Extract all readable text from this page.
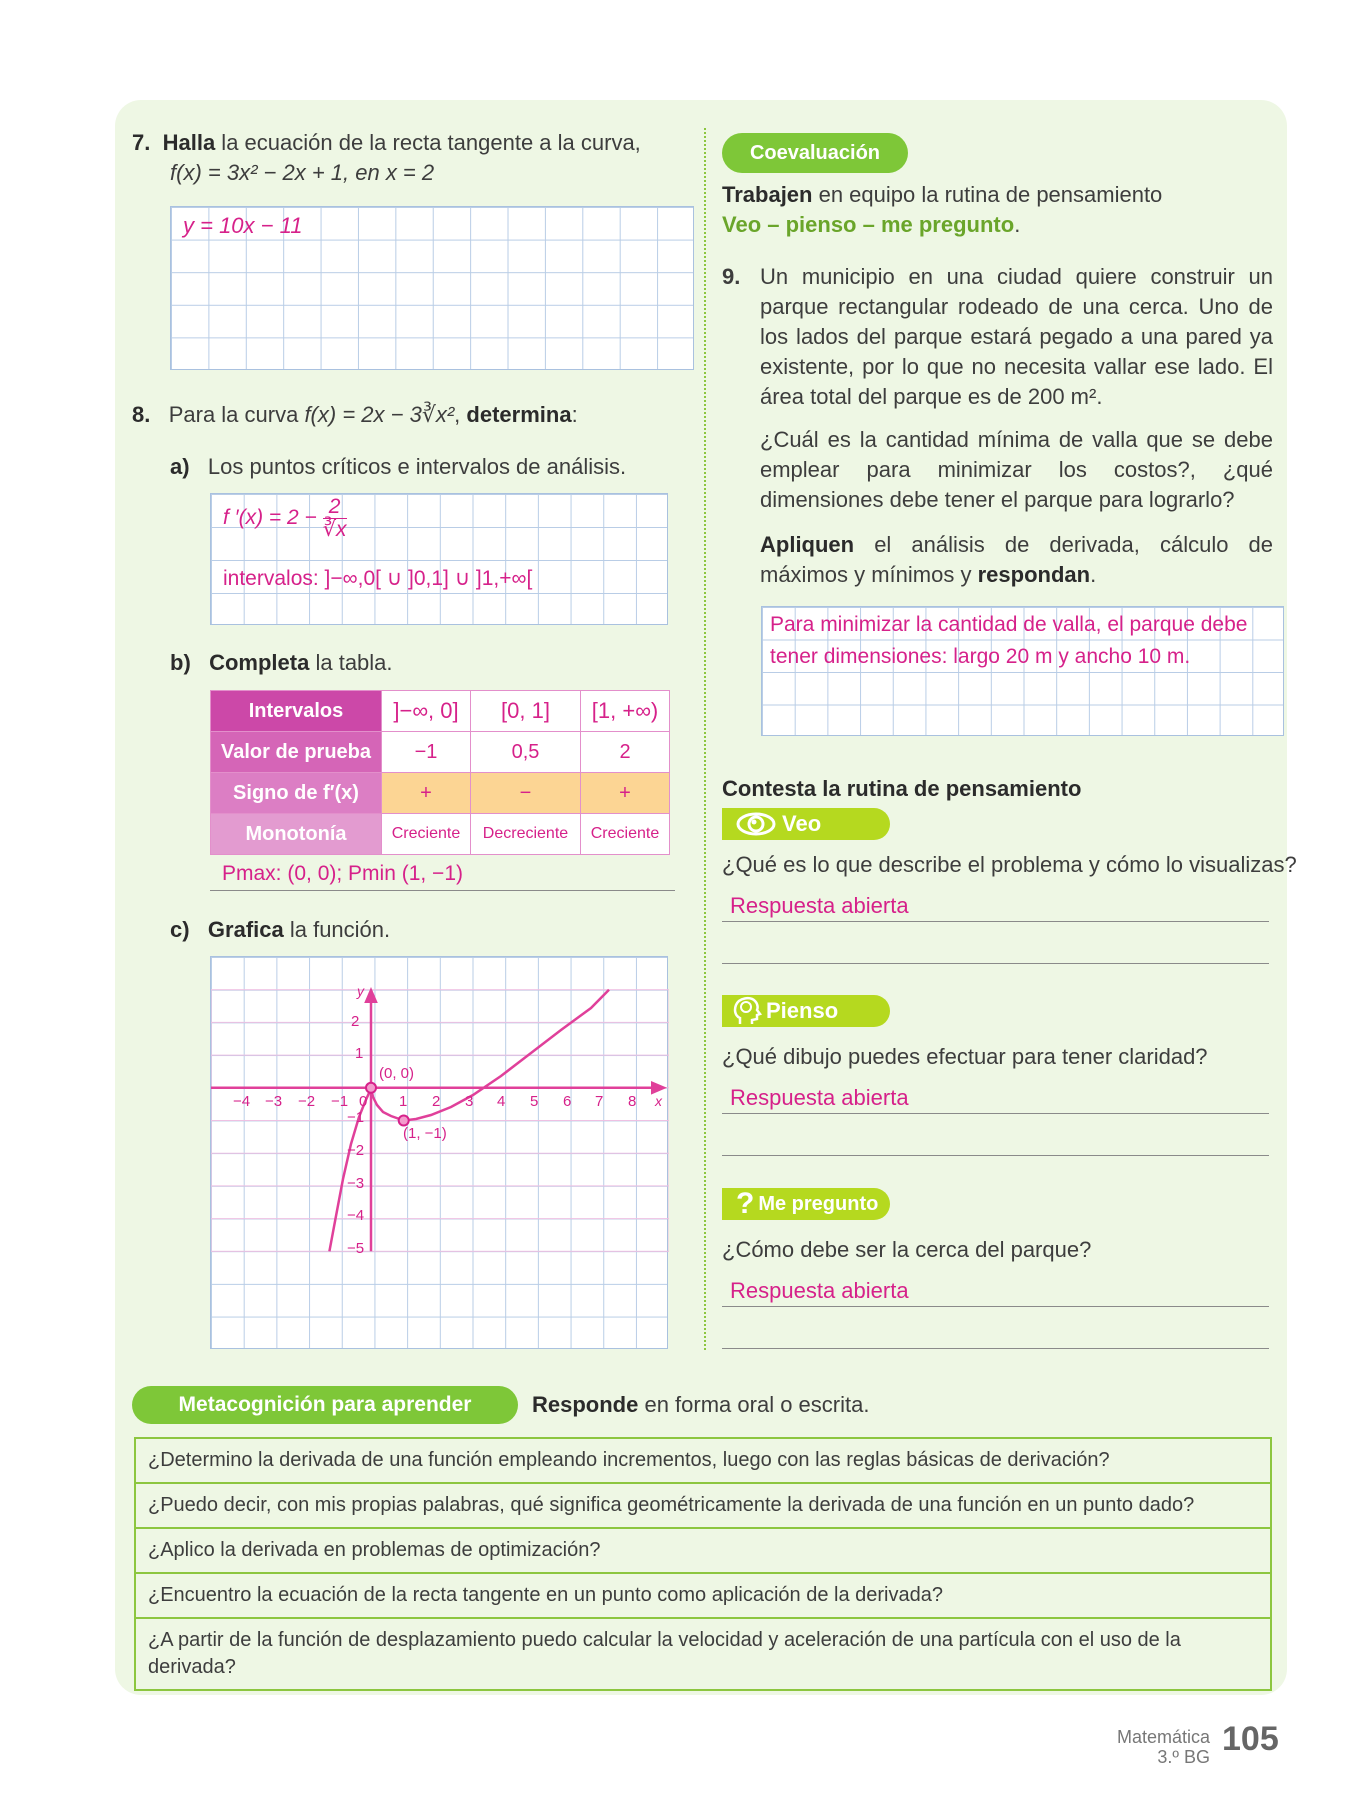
7. Halla la ecuación de la recta tangente a la curva,
f(x) = 3x² − 2x + 1, en x = 2
y = 10x − 11
8. Para la curva f(x) = 2x − 3∛x², determina:
a) Los puntos críticos e intervalos de análisis.
f $'(x) = 2 - \frac{2}{∛x}$
intervalos: ]−∞,0[ ∪ ]0,1] ∪ ]1,+∞[
b) Completa la tabla.
Intervalos	]−∞, 0]	[0, 1]	[1, +∞)
Valor de prueba	−1	0,5	2
Signo de f′(x)	+	−	+
Monotonía	Creciente	Decreciente	Creciente
Pmax: (0, 0); Pmin (1, −1)
c) Grafica la función.
y
x
−4 −3 −2 −1 0 1 2 3 4 5 6 7 8
2
1
−1
−2
−3
−4
−5
(0, 0)
(1, −1)
Coevaluación
Trabajen en equipo la rutina de pensamiento
Veo – pienso – me pregunto.
9. Un municipio en una ciudad quiere construir un parque rectangular rodeado de una cerca. Uno de los lados del parque estará pegado a una pared ya existente, por lo que no necesita vallar ese lado. El área total del parque es de 200 m².
¿Cuál es la cantidad mínima de valla que se debe emplear para minimizar los costos?, ¿qué dimensiones debe tener el parque para lograrlo?
Apliquen el análisis de derivada, cálculo de máximos y mínimos y respondan.
Para minimizar la cantidad de valla, el parque debe
tener dimensiones: largo 20 m y ancho 10 m.
Contesta la rutina de pensamiento
Veo
¿Qué es lo que describe el problema y cómo lo visualizas?
Respuesta abierta
Pienso
¿Qué dibujo puedes efectuar para tener claridad?
Respuesta abierta
? Me pregunto
¿Cómo debe ser la cerca del parque?
Respuesta abierta
Metacognición para aprender	Responde en forma oral o escrita.
¿Determino la derivada de una función empleando incrementos, luego con las reglas básicas de derivación?
¿Puedo decir, con mis propias palabras, qué significa geométricamente la derivada de una función en un punto dado?
¿Aplico la derivada en problemas de optimización?
¿Encuentro la ecuación de la recta tangente en un punto como aplicación de la derivada?
¿A partir de la función de desplazamiento puedo calcular la velocidad y aceleración de una partícula con el uso de la derivada?
Matemática
3.º BG 105
